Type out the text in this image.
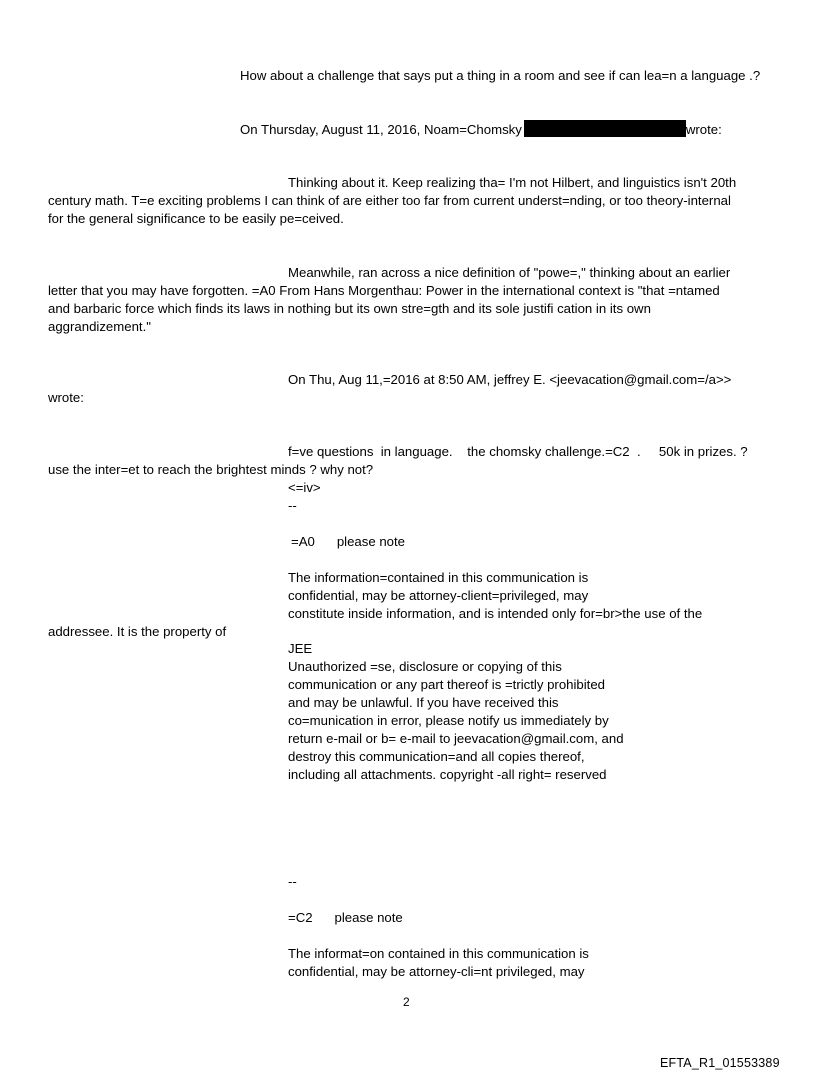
How about a challenge that says put a thing in a room and see if can lea=n a language .?
On Thursday, August 11, 2016, Noam=Chomsky	wrote:
Thinking about it. Keep realizing tha= I'm not Hilbert, and linguistics isn't 20th
century math. T=e exciting problems I can think of are either too far from current underst=nding, or too theory-internal
for the general significance to be easily pe=ceived.
Meanwhile, ran across a nice definition of "powe=," thinking about an earlier
letter that you may have forgotten. =A0 From Hans Morgenthau: Power in the international context is "that =ntamed
and barbaric force which finds its laws in nothing but its own stre=gth and its sole justifi cation in its own
aggrandizement."
On Thu, Aug 11,=2016 at 8:50 AM, jeffrey E. <jeevacation@gmail.com=/a>>
wrote:
f=ve questions  in language.    the chomsky challenge.=C2  .     50k in prizes. ?
use the inter=et to reach the brightest minds ? why not?
<=iv>
--
=A0      please note
The information=contained in this communication is
confidential, may be attorney-client=privileged, may
constitute inside information, and is intended only for=br>the use of the
addressee. It is the property of
JEE
Unauthorized =se, disclosure or copying of this
communication or any part thereof is =trictly prohibited
and may be unlawful. If you have received this
co=munication in error, please notify us immediately by
return e-mail or b= e-mail to jeevacation@gmail.com, and
destroy this communication=and all copies thereof,
including all attachments. copyright -all right= reserved
--
=C2      please note
The informat=on contained in this communication is
confidential, may be attorney-cli=nt privileged, may
2
EFTA_R1_01553389
